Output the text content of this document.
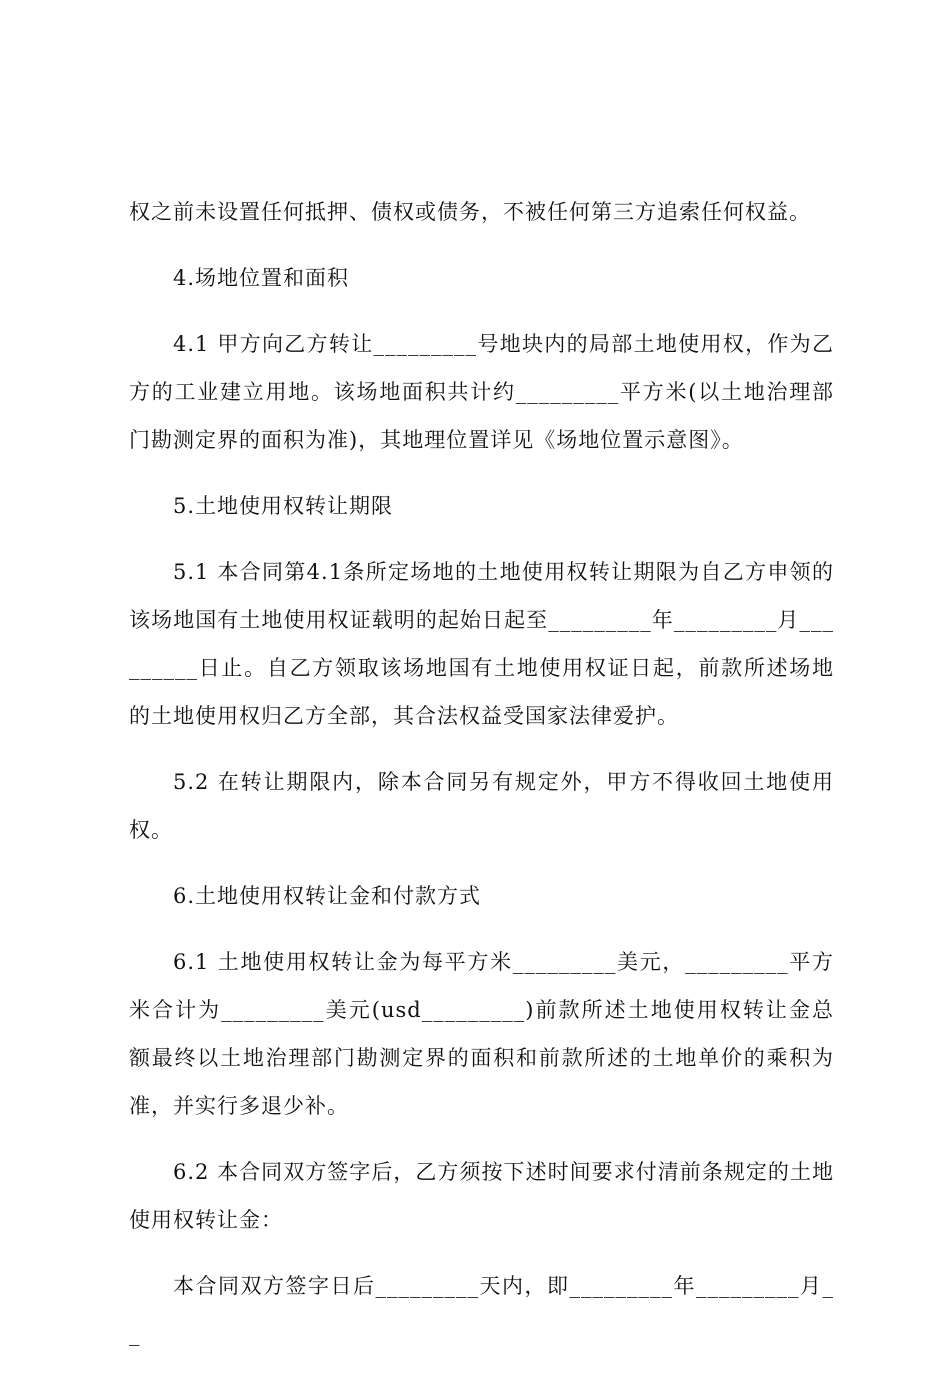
权之前未设置任何抵押、债权或债务，不被任何第三方追索任何权益。

4.场地位置和面积

4.1 甲方向乙方转让_________号地块内的局部土地使用权，作为乙方的工业建立用地。该场地面积共计约_________平方米(以土地治理部门勘测定界的面积为准)，其地理位置详见《场地位置示意图》。

5.土地使用权转让期限

5.1 本合同第4.1条所定场地的土地使用权转让期限为自乙方申领的该场地国有土地使用权证载明的起始日起至_________年_________月_________日止。自乙方领取该场地国有土地使用权证日起，前款所述场地的土地使用权归乙方全部，其合法权益受国家法律爱护。

5.2 在转让期限内，除本合同另有规定外，甲方不得收回土地使用权。

6.土地使用权转让金和付款方式

6.1 土地使用权转让金为每平方米_________美元，_________平方米合计为_________美元(usd_________)前款所述土地使用权转让金总额最终以土地治理部门勘测定界的面积和前款所述的土地单价的乘积为准，并实行多退少补。

6.2 本合同双方签字后，乙方须按下述时间要求付清前条规定的土地使用权转让金：

本合同双方签字日后_________天内，即_________年_________月__
